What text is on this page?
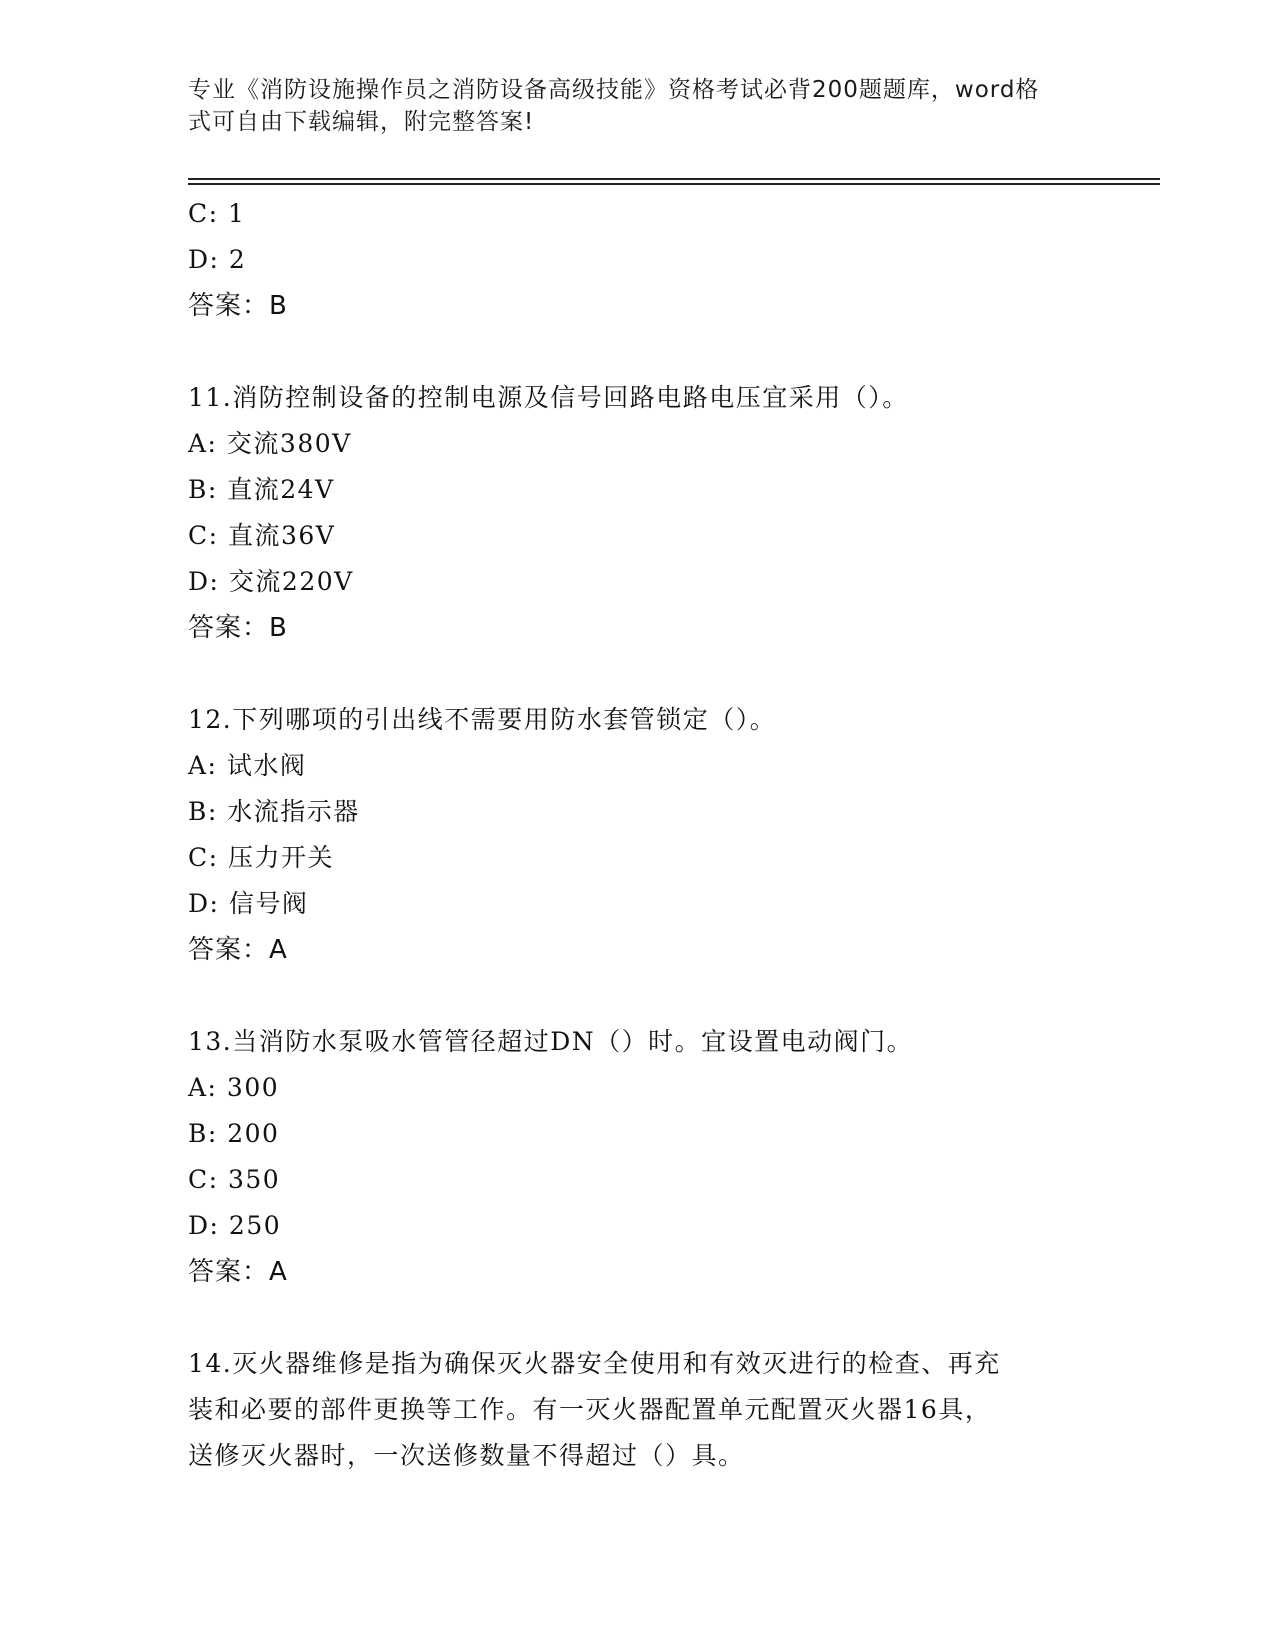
专业《消防设施操作员之消防设备高级技能》资格考试必背200题题库，word格
式可自由下载编辑，附完整答案!
C: 1
D: 2
答案：B
11.消防控制设备的控制电源及信号回路电路电压宜采用（）。
A: 交流380V
B: 直流24V
C: 直流36V
D: 交流220V
答案：B
12.下列哪项的引出线不需要用防水套管锁定（）。
A: 试水阀
B: 水流指示器
C: 压力开关
D: 信号阀
答案：A
13.当消防水泵吸水管管径超过DN（）时。宜设置电动阀门。
A: 300
B: 200
C: 350
D: 250
答案：A
14.灭火器维修是指为确保灭火器安全使用和有效灭进行的检查、再充
装和必要的部件更换等工作。有一灭火器配置单元配置灭火器16具，
送修灭火器时，一次送修数量不得超过（）具。
